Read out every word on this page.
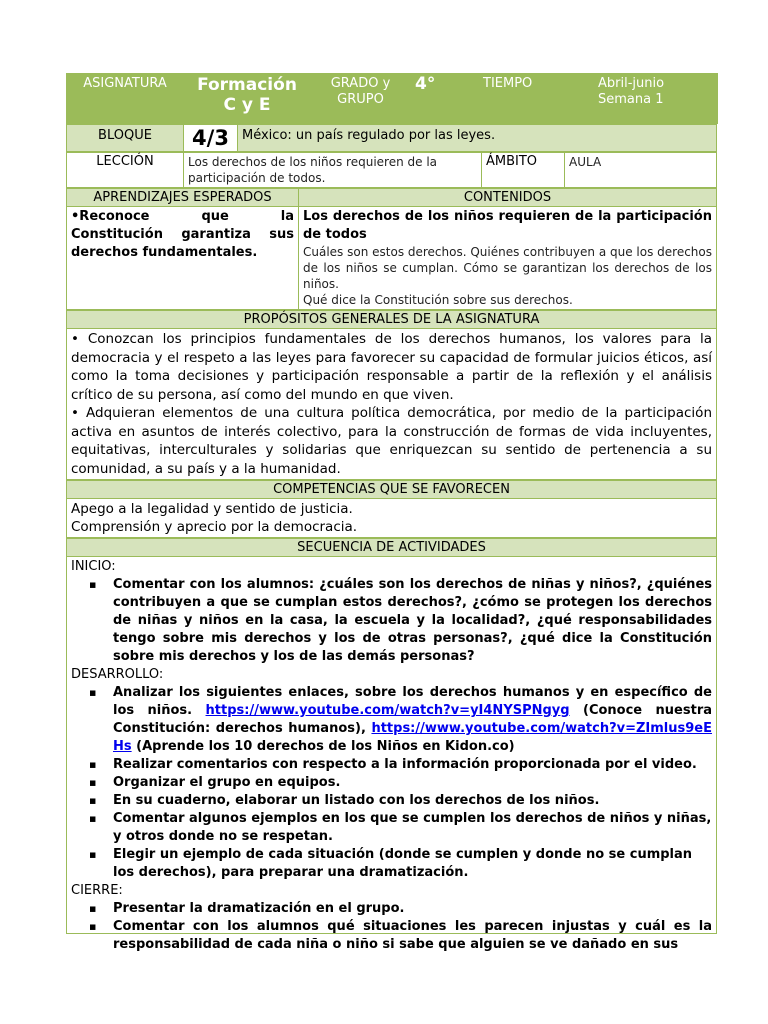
ASIGNATURA	Formación C y E	GRADO y GRUPO	4°	TIEMPO	Abril-junio
Semana 1
BLOQUE	4/3	México: un país regulado por las leyes.
LECCIÓN	Los derechos de los niños requieren de la participación de todos.	ÁMBITO	AULA
APRENDIZAJES ESPERADOS	CONTENIDOS
•Reconoce que la Constitución garantiza sus derechos fundamentales.	Los derechos de los niños requieren de la participación de todos
Cuáles son estos derechos. Quiénes contribuyen a que los derechos de los niños se cumplan. Cómo se garantizan los derechos de los niños.
Qué dice la Constitución sobre sus derechos.
PROPÓSITOS GENERALES DE LA ASIGNATURA

• Conozcan los principios fundamentales de los derechos humanos, los valores para la democracia y el respeto a las leyes para favorecer su capacidad de formular juicios éticos, así como la toma decisiones y participación responsable a partir de la reflexión y el análisis crítico de su persona, así como del mundo en que viven.
• Adquieran elementos de una cultura política democrática, por medio de la participación activa en asuntos de interés colectivo, para la construcción de formas de vida incluyentes, equitativas, interculturales y solidarias que enriquezcan su sentido de pertenencia a su comunidad, a su país y a la humanidad.
COMPETENCIAS QUE SE FAVORECEN

Apego a la legalidad y sentido de justicia.
Comprensión y aprecio por la democracia.
SECUENCIA DE ACTIVIDADES

INICIO:
▪ Comentar con los alumnos: ¿cuáles son los derechos de niñas y niños?, ¿quiénes contribuyen a que se cumplan estos derechos?, ¿cómo se protegen los derechos de niñas y niños en la casa, la escuela y la localidad?, ¿qué responsabilidades tengo sobre mis derechos y los de otras personas?, ¿qué dice la Constitución sobre mis derechos y los de las demás personas?
DESARROLLO:
▪ Analizar los siguientes enlaces, sobre los derechos humanos y en específico de los niños. https://www.youtube.com/watch?v=yI4NYSPNgyg (Conoce nuestra Constitución: derechos humanos), https://www.youtube.com/watch?v=ZImlus9eEHs (Aprende los 10 derechos de los Niños en Kidon.co)
▪ Realizar comentarios con respecto a la información proporcionada por el video.
▪ Organizar el grupo en equipos.
▪ En su cuaderno, elaborar un listado con los derechos de los niños.
▪ Comentar algunos ejemplos en los que se cumplen los derechos de niños y niñas, y otros donde no se respetan.
▪ Elegir un ejemplo de cada situación (donde se cumplen y donde no se cumplan los derechos), para preparar una dramatización.
CIERRE:
▪ Presentar la dramatización en el grupo.
▪ Comentar con los alumnos qué situaciones les parecen injustas y cuál es la responsabilidad de cada niña o niño si sabe que alguien se ve dañado en sus
